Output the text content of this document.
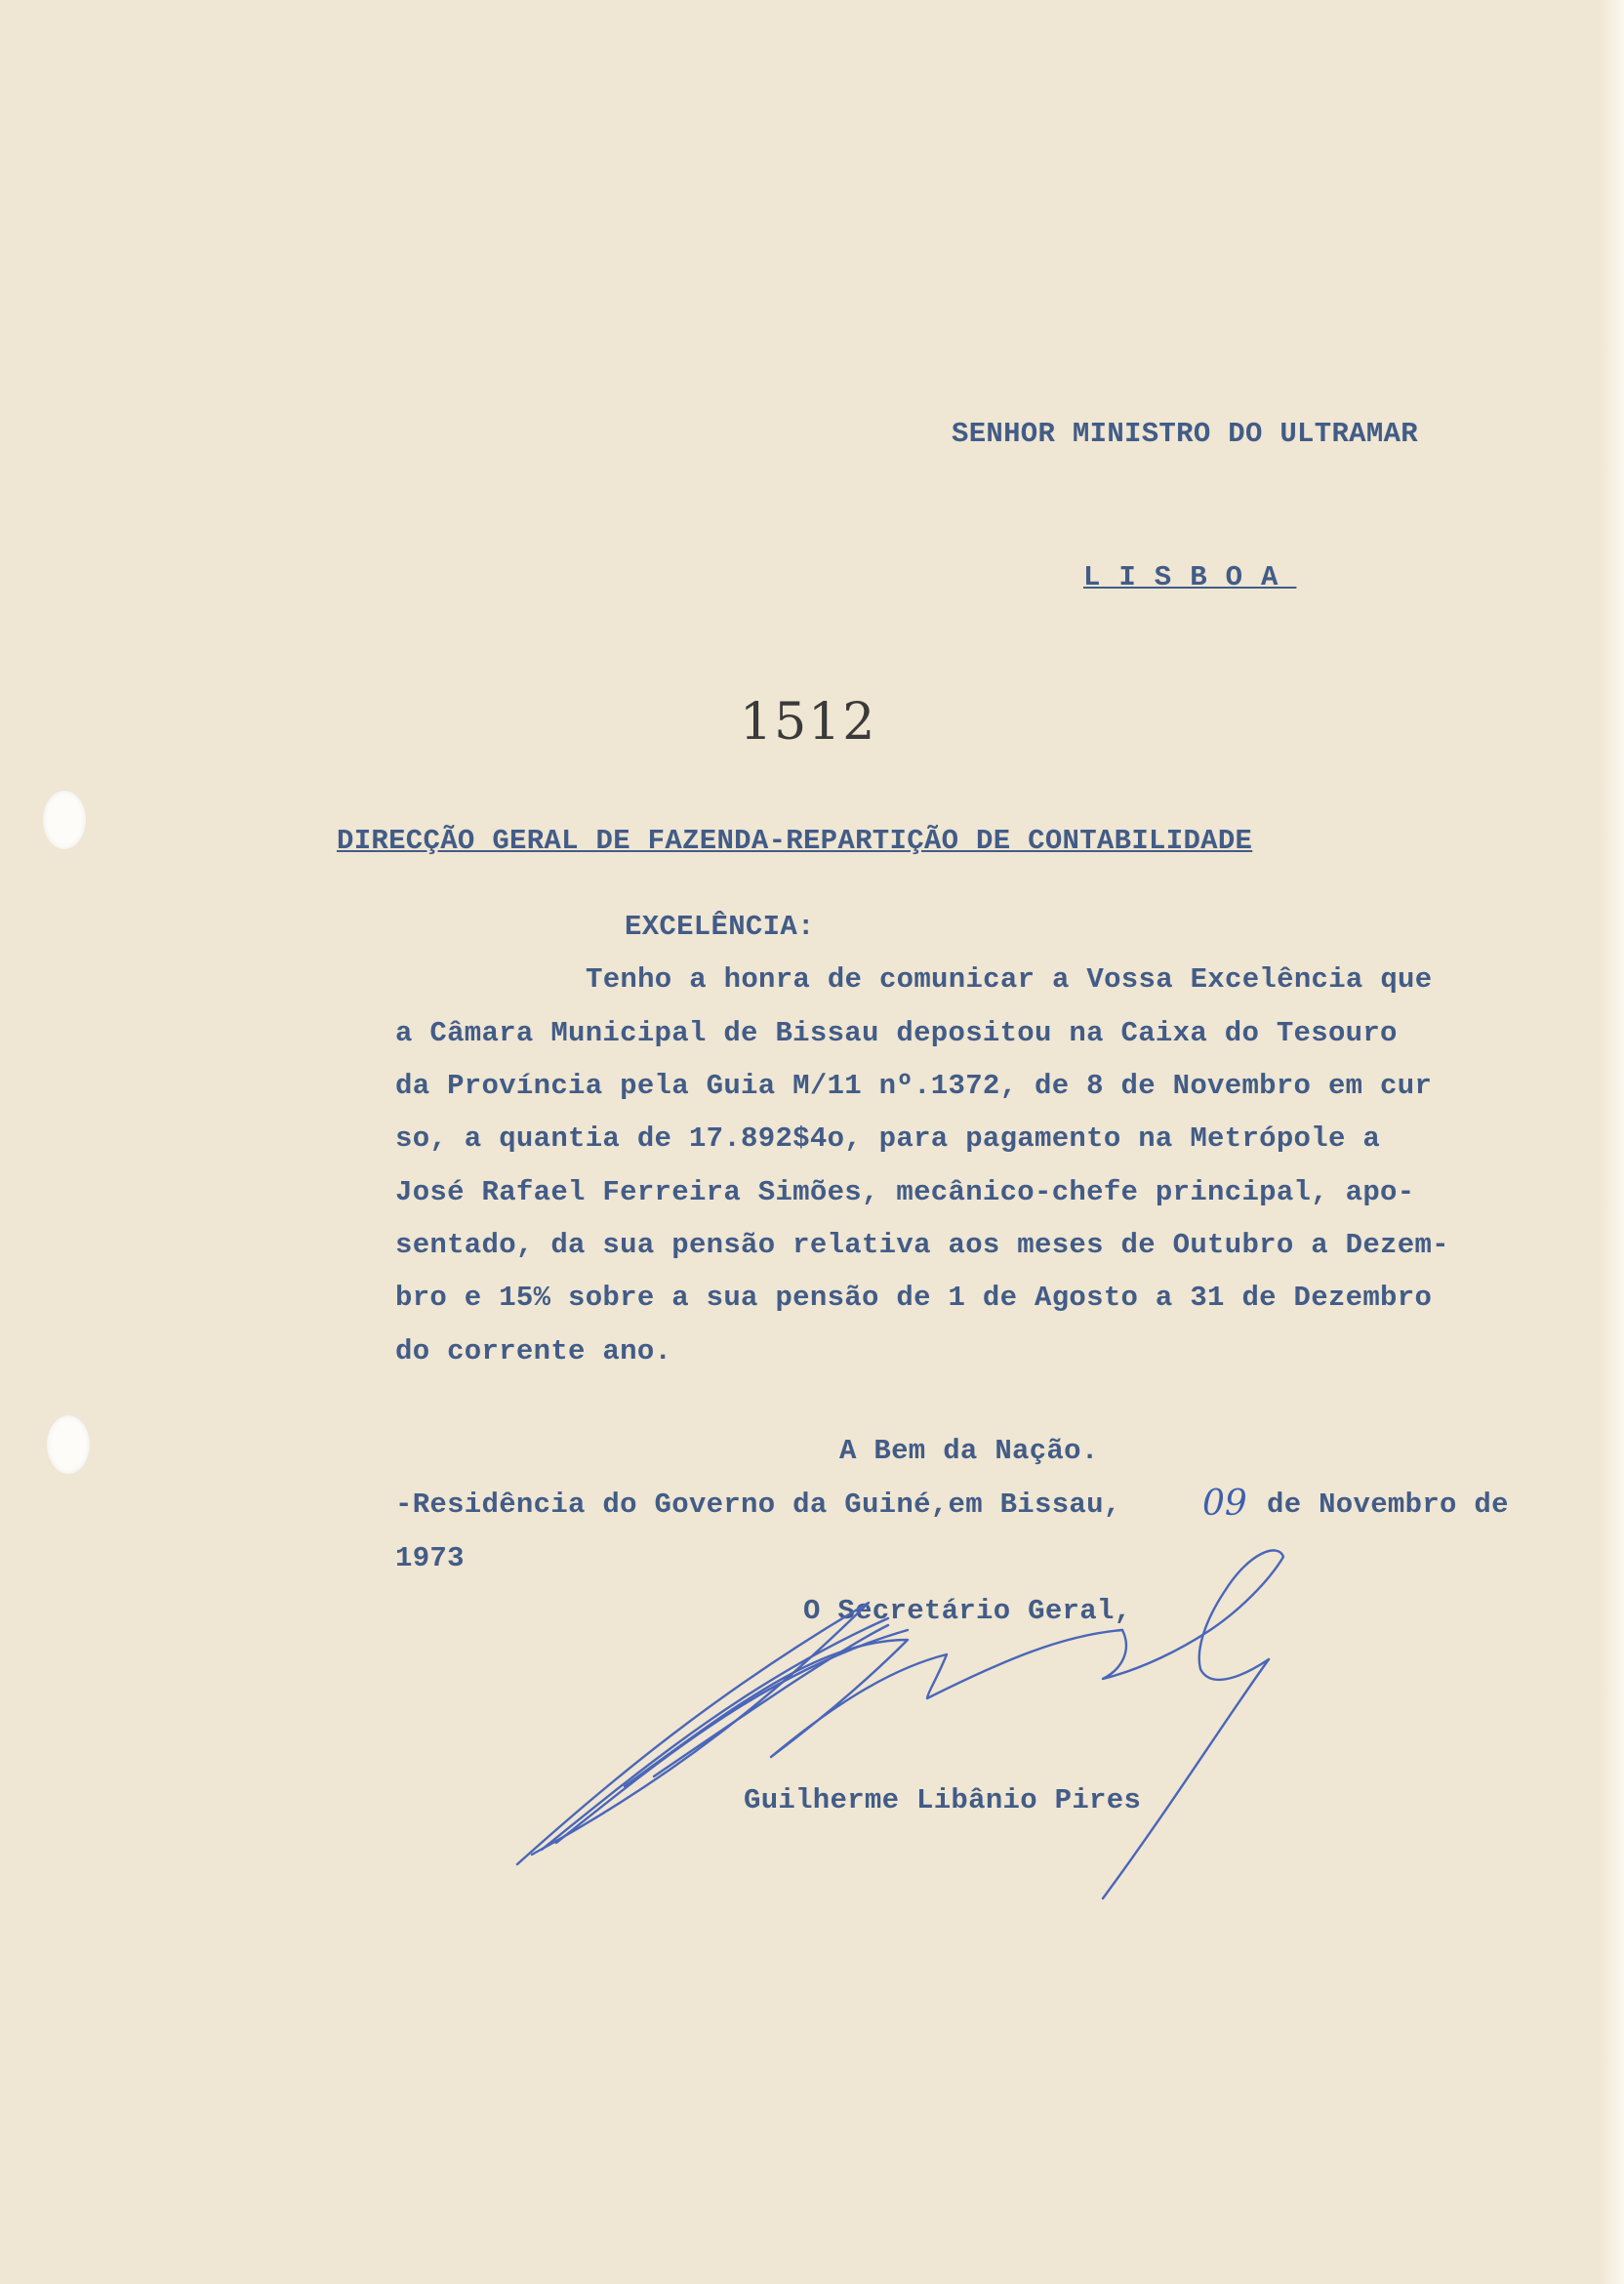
SENHOR MINISTRO DO ULTRAMAR
LISBOA
1512
DIRECÇÃO GERAL DE FAZENDA-REPARTIÇÃO DE CONTABILIDADE
EXCELÊNCIA:
Tenho a honra de comunicar a Vossa Excelência que
a Câmara Municipal de Bissau depositou na Caixa do Tesouro
da Província pela Guia M/11 nº.1372, de 8 de Novembro em cur
so, a quantia de 17.892$4o, para pagamento na Metrópole a
José Rafael Ferreira Simões, mecânico-chefe principal, apo-
sentado, da sua pensão relativa aos meses de Outubro a Dezem-
bro e 15% sobre a sua pensão de 1 de Agosto a 31 de Dezembro
do corrente ano.
A Bem da Nação.
-Residência do Governo da Guiné,em Bissau, 09 de Novembro de
1973
O Secretário Geral,
Guilherme Libânio Pires
